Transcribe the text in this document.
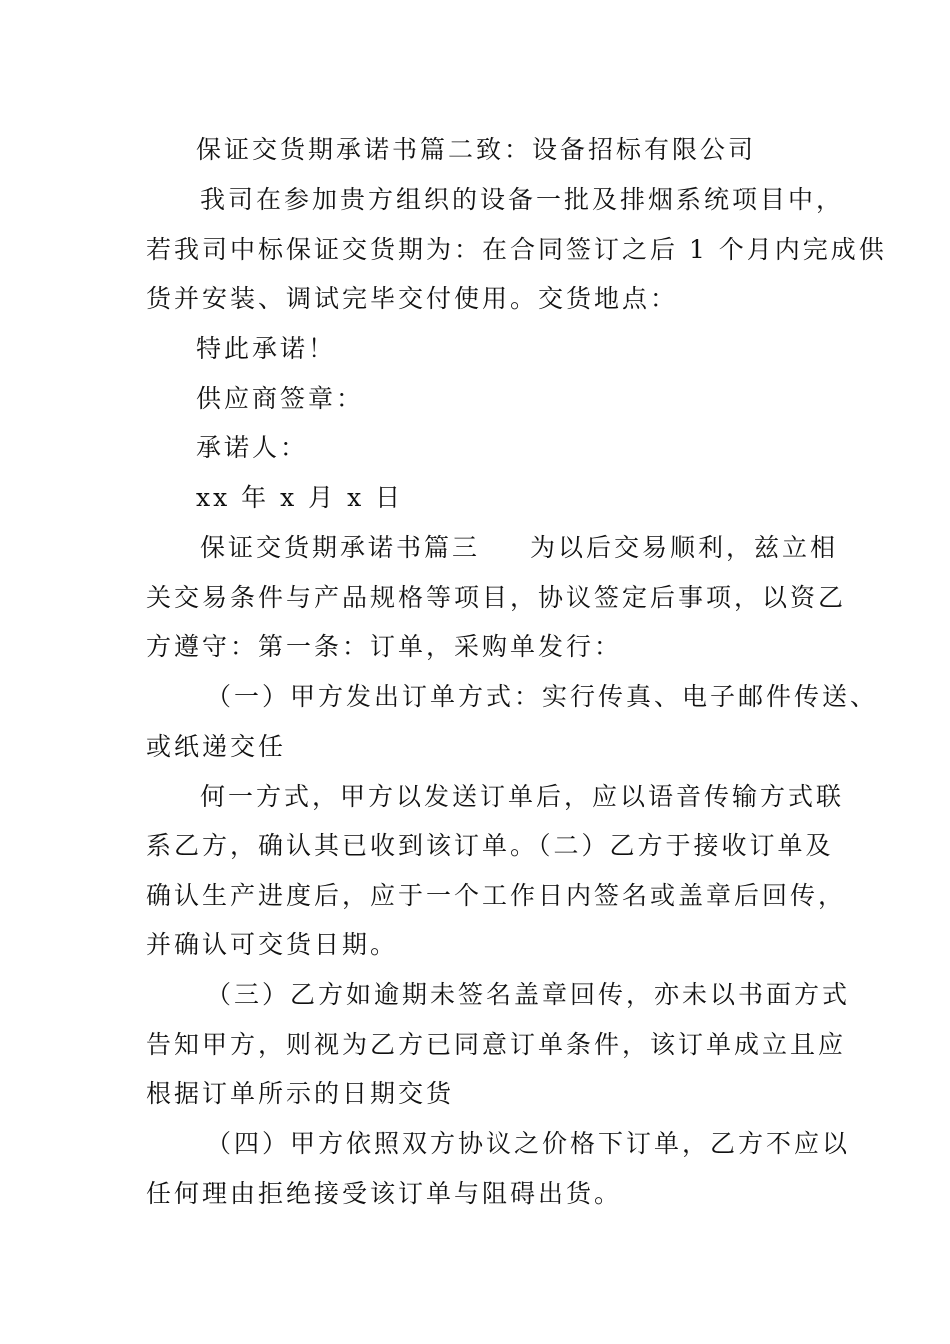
保证交货期承诺书篇二致：设备招标有限公司
我司在参加贵方组织的设备一批及排烟系统项目中，
若我司中标保证交货期为：在合同签订之后 1 个月内完成供
货并安装、调试完毕交付使用。交货地点：
特此承诺！
供应商签章：
承诺人：
xx 年 x 月 x 日
保证交货期承诺书篇三 为以后交易顺利，兹立相
关交易条件与产品规格等项目，协议签定后事项，以资乙
方遵守：第一条：订单，采购单发行：
（一）甲方发出订单方式：实行传真、电子邮件传送、
或纸递交任
何一方式，甲方以发送订单后，应以语音传输方式联
系乙方，确认其已收到该订单。（二）乙方于接收订单及
确认生产进度后，应于一个工作日内签名或盖章后回传，
并确认可交货日期。
（三）乙方如逾期未签名盖章回传，亦未以书面方式
告知甲方，则视为乙方已同意订单条件，该订单成立且应
根据订单所示的日期交货
（四）甲方依照双方协议之价格下订单，乙方不应以
任何理由拒绝接受该订单与阻碍出货。
